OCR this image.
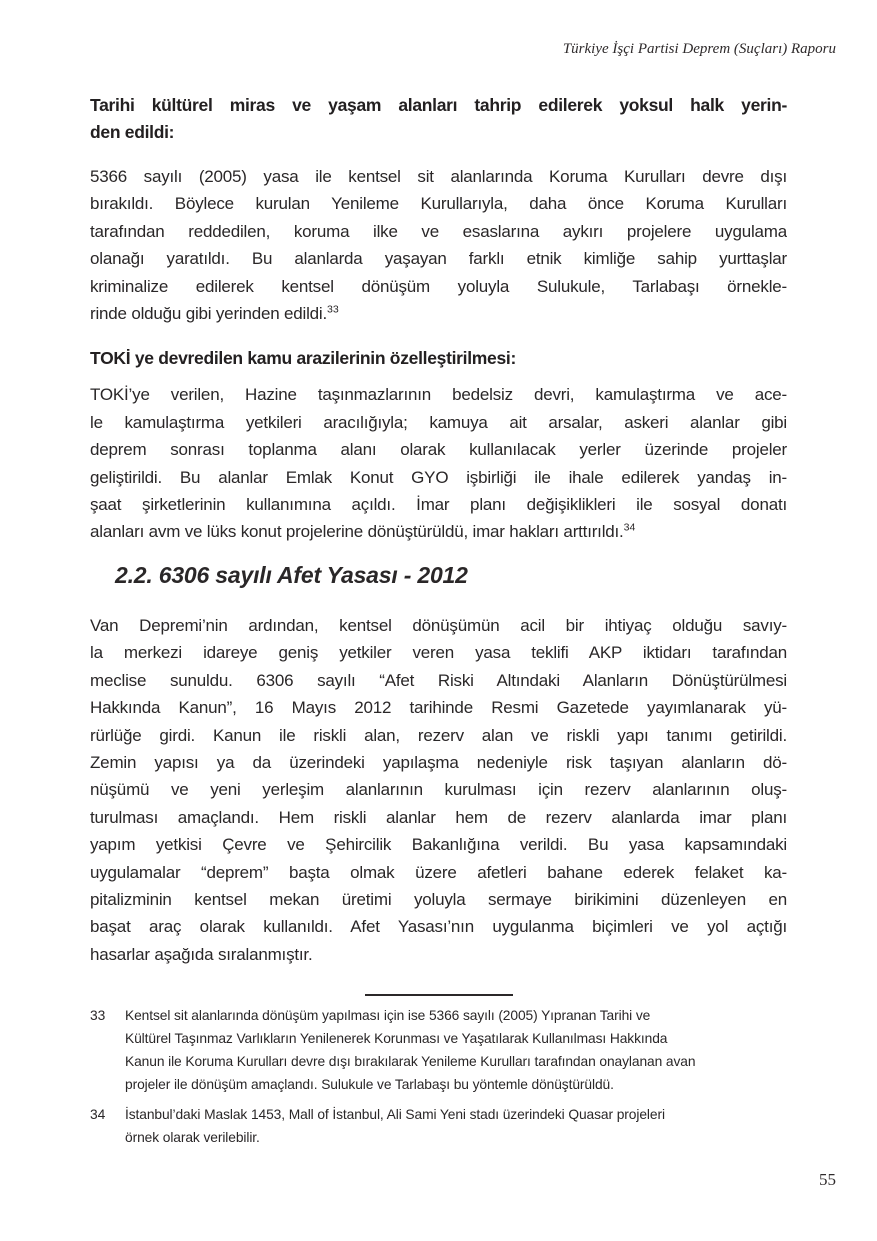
Türkiye İşçi Partisi Deprem (Suçları) Raporu
Tarihi kültürel miras ve yaşam alanları tahrip edilerek yoksul halk yerin-
den edildi:
5366 sayılı (2005) yasa ile kentsel sit alanlarında Koruma Kurulları devre dışı
bırakıldı. Böylece kurulan Yenileme Kurullarıyla, daha önce Koruma Kurulları
tarafından reddedilen, koruma ilke ve esaslarına aykırı projelere uygulama
olanağı yaratıldı. Bu alanlarda yaşayan farklı etnik kimliğe sahip yurttaşlar
kriminalize edilerek kentsel dönüşüm yoluyla Sulukule, Tarlabaşı örnekle-
rinde olduğu gibi yerinden edildi.$^{33}$
TOKİ ye devredilen kamu arazilerinin özelleştirilmesi:
TOKİ’ye verilen, Hazine taşınmazlarının bedelsiz devri, kamulaştırma ve ace-
le kamulaştırma yetkileri aracılığıyla; kamuya ait arsalar, askeri alanlar gibi
deprem sonrası toplanma alanı olarak kullanılacak yerler üzerinde projeler
geliştirildi. Bu alanlar Emlak Konut GYO işbirliği ile ihale edilerek yandaş in-
şaat şirketlerinin kullanımına açıldı. İmar planı değişiklikleri ile sosyal donatı
alanları avm ve lüks konut projelerine dönüştürüldü, imar hakları arttırıldı.$^{34}$
2.2. 6306 sayılı Afet Yasası - 2012
Van Depremi’nin ardından, kentsel dönüşümün acil bir ihtiyaç olduğu savıy-
la merkezi idareye geniş yetkiler veren yasa teklifi AKP iktidarı tarafından
meclise sunuldu. 6306 sayılı “Afet Riski Altındaki Alanların Dönüştürülmesi
Hakkında Kanun”, 16 Mayıs 2012 tarihinde Resmi Gazetede yayımlanarak yü-
rürlüğe girdi. Kanun ile riskli alan, rezerv alan ve riskli yapı tanımı getirildi.
Zemin yapısı ya da üzerindeki yapılaşma nedeniyle risk taşıyan alanların dö-
nüşümü ve yeni yerleşim alanlarının kurulması için rezerv alanlarının oluş-
turulması amaçlandı. Hem riskli alanlar hem de rezerv alanlarda imar planı
yapım yetkisi Çevre ve Şehircilik Bakanlığına verildi. Bu yasa kapsamındaki
uygulamalar “deprem” başta olmak üzere afetleri bahane ederek felaket ka-
pitalizminin kentsel mekan üretimi yoluyla sermaye birikimini düzenleyen en
başat araç olarak kullanıldı. Afet Yasası’nın uygulanma biçimleri ve yol açtığı
hasarlar aşağıda sıralanmıştır.
33 Kentsel sit alanlarında dönüşüm yapılması için ise 5366 sayılı (2005) Yıpranan Tarihi ve
Kültürel Taşınmaz Varlıkların Yenilenerek Korunması ve Yaşatılarak Kullanılması Hakkında
Kanun ile Koruma Kurulları devre dışı bırakılarak Yenileme Kurulları tarafından onaylanan avan
projeler ile dönüşüm amaçlandı. Sulukule ve Tarlabaşı bu yöntemle dönüştürüldü.
34 İstanbul’daki Maslak 1453, Mall of İstanbul, Ali Sami Yeni stadı üzerindeki Quasar projeleri
örnek olarak verilebilir.
55
